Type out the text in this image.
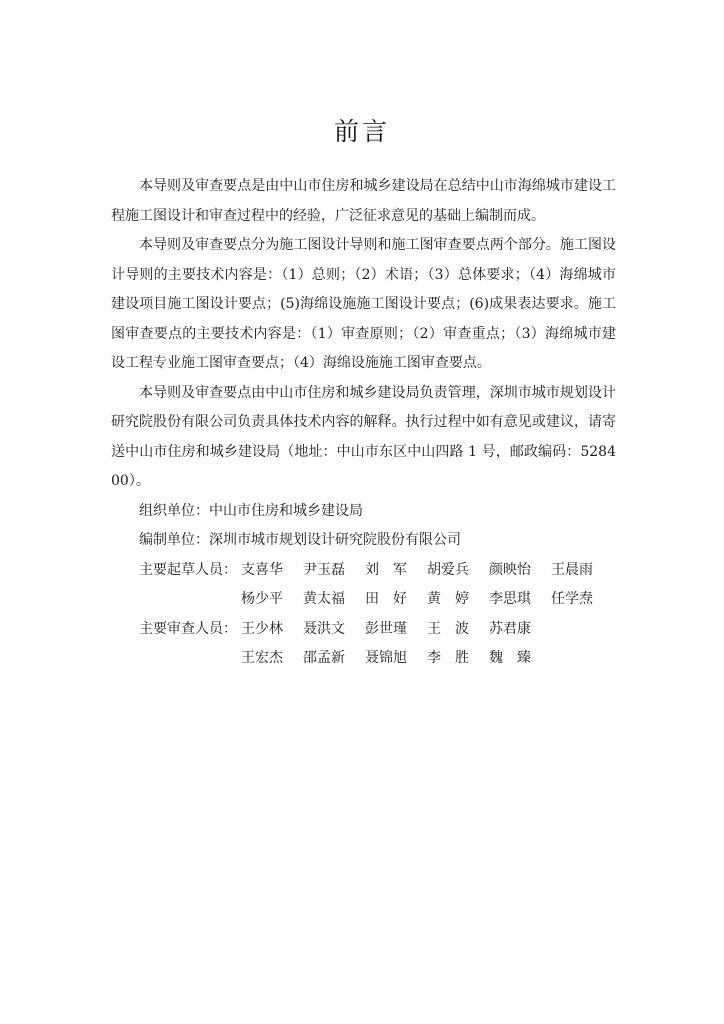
前言

本导则及审查要点是由中山市住房和城乡建设局在总结中山市海绵城市建设工程施工图设计和审查过程中的经验，广泛征求意见的基础上编制而成。

本导则及审查要点分为施工图设计导则和施工图审查要点两个部分。施工图设计导则的主要技术内容是：（1）总则；（2）术语；（3）总体要求；（4）海绵城市建设项目施工图设计要点；(5)海绵设施施工图设计要点；(6)成果表达要求。施工图审查要点的主要技术内容是：（1）审查原则；（2）审查重点；（3）海绵城市建设工程专业施工图审查要点；（4）海绵设施施工图审查要点。

本导则及审查要点由中山市住房和城乡建设局负责管理，深圳市城市规划设计研究院股份有限公司负责具体技术内容的解释。执行过程中如有意见或建议，请寄送中山市住房和城乡建设局（地址：中山市东区中山四路 1 号，邮政编码：528400）。

组织单位：中山市住房和城乡建设局

编制单位：深圳市城市规划设计研究院股份有限公司

主要起草人员： 支喜华	尹玉磊	刘　军	胡爱兵	颜映怡	王晨雨
杨少平	黄太福	田　好	黄　婷	李思琪	任学焘
主要审查人员： 王少林	聂洪文	彭世瑾	王　波	苏君康
王宏杰	邵孟新	聂锦旭	李　胜	魏　臻
